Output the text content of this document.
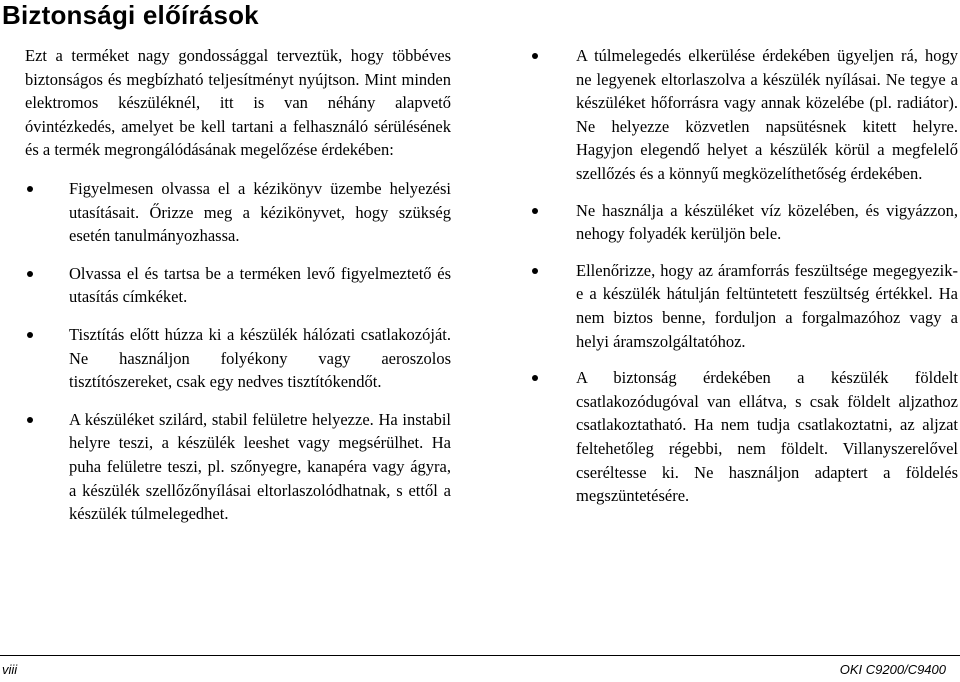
Biztonsági előírások

Ezt a terméket nagy gondossággal terveztük, hogy többéves biztonságos és megbízható teljesítményt nyújtson. Mint minden elektromos készüléknél, itt is van néhány alapvető óvintézkedés, amelyet be kell tartani a felhasználó sérülésének és a termék megrongálódásának megelőzése érdekében:

Figyelmesen olvassa el a kézikönyv üzembe helyezési utasításait. Őrizze meg a kézikönyvet, hogy szükség esetén tanulmányozhassa.
Olvassa el és tartsa be a terméken levő figyelmeztető és utasítás címkéket.
Tisztítás előtt húzza ki a készülék hálózati csatlakozóját. Ne használjon folyékony vagy aeroszolos tisztítószereket, csak egy nedves tisztítókendőt.
A készüléket szilárd, stabil felületre helyezze. Ha instabil helyre teszi, a készülék leeshet vagy megsérülhet. Ha puha felületre teszi, pl. szőnyegre, kanapéra vagy ágyra, a készülék szellőzőnyílásai eltorlaszolódhatnak, s ettől a készülék túlmelegedhet.
A túlmelegedés elkerülése érdekében ügyeljen rá, hogy ne legyenek eltorlaszolva a készülék nyílásai. Ne tegye a készüléket hőforrásra vagy annak közelébe (pl. radiátor). Ne helyezze közvetlen napsütésnek kitett helyre. Hagyjon elegendő helyet a készülék körül a megfelelő szellőzés és a könnyű megközelíthetőség érdekében.
Ne használja a készüléket víz közelében, és vigyázzon, nehogy folyadék kerüljön bele.
Ellenőrizze, hogy az áramforrás feszültsége megegyezik-e a készülék hátulján feltüntetett feszültség értékkel. Ha nem biztos benne, forduljon a forgalmazóhoz vagy a helyi áramszolgáltatóhoz.
A biztonság érdekében a készülék földelt csatlakozódugóval van ellátva, s csak földelt aljzathoz csatlakoztatható. Ha nem tudja csatlakoztatni, az aljzat feltehetőleg régebbi, nem földelt. Villanyszerelővel cseréltesse ki. Ne használjon adaptert a földelés megszüntetésére.
viii	OKI C9200/C9400
